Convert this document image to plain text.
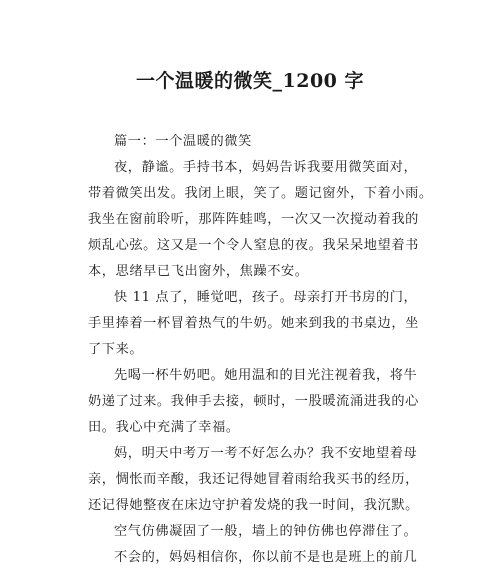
一个温暖的微笑_1200 字
篇一：一个温暖的微笑
夜，静谧。手持书本，妈妈告诉我要用微笑面对，
带着微笑出发。我闭上眼，笑了。题记窗外，下着小雨。
我坐在窗前聆听，那阵阵蛙鸣，一次又一次搅动着我的
烦乱心弦。这又是一个令人窒息的夜。我呆呆地望着书
本，思绪早已飞出窗外，焦躁不安。
快 11 点了，睡觉吧，孩子。母亲打开书房的门，
手里捧着一杯冒着热气的牛奶。她来到我的书桌边，坐
了下来。
先喝一杯牛奶吧。她用温和的目光注视着我，将牛
奶递了过来。我伸手去接，顿时，一股暖流涌进我的心
田。我心中充满了幸福。
妈，明天中考万一考不好怎么办？我不安地望着母
亲，惆怅而辛酸，我还记得她冒着雨给我买书的经历，
还记得她整夜在床边守护着发烧的我一时间，我沉默。
空气仿佛凝固了一般，墙上的钟仿佛也停滞住了。
不会的，妈妈相信你，你以前不是也是班上的前几
